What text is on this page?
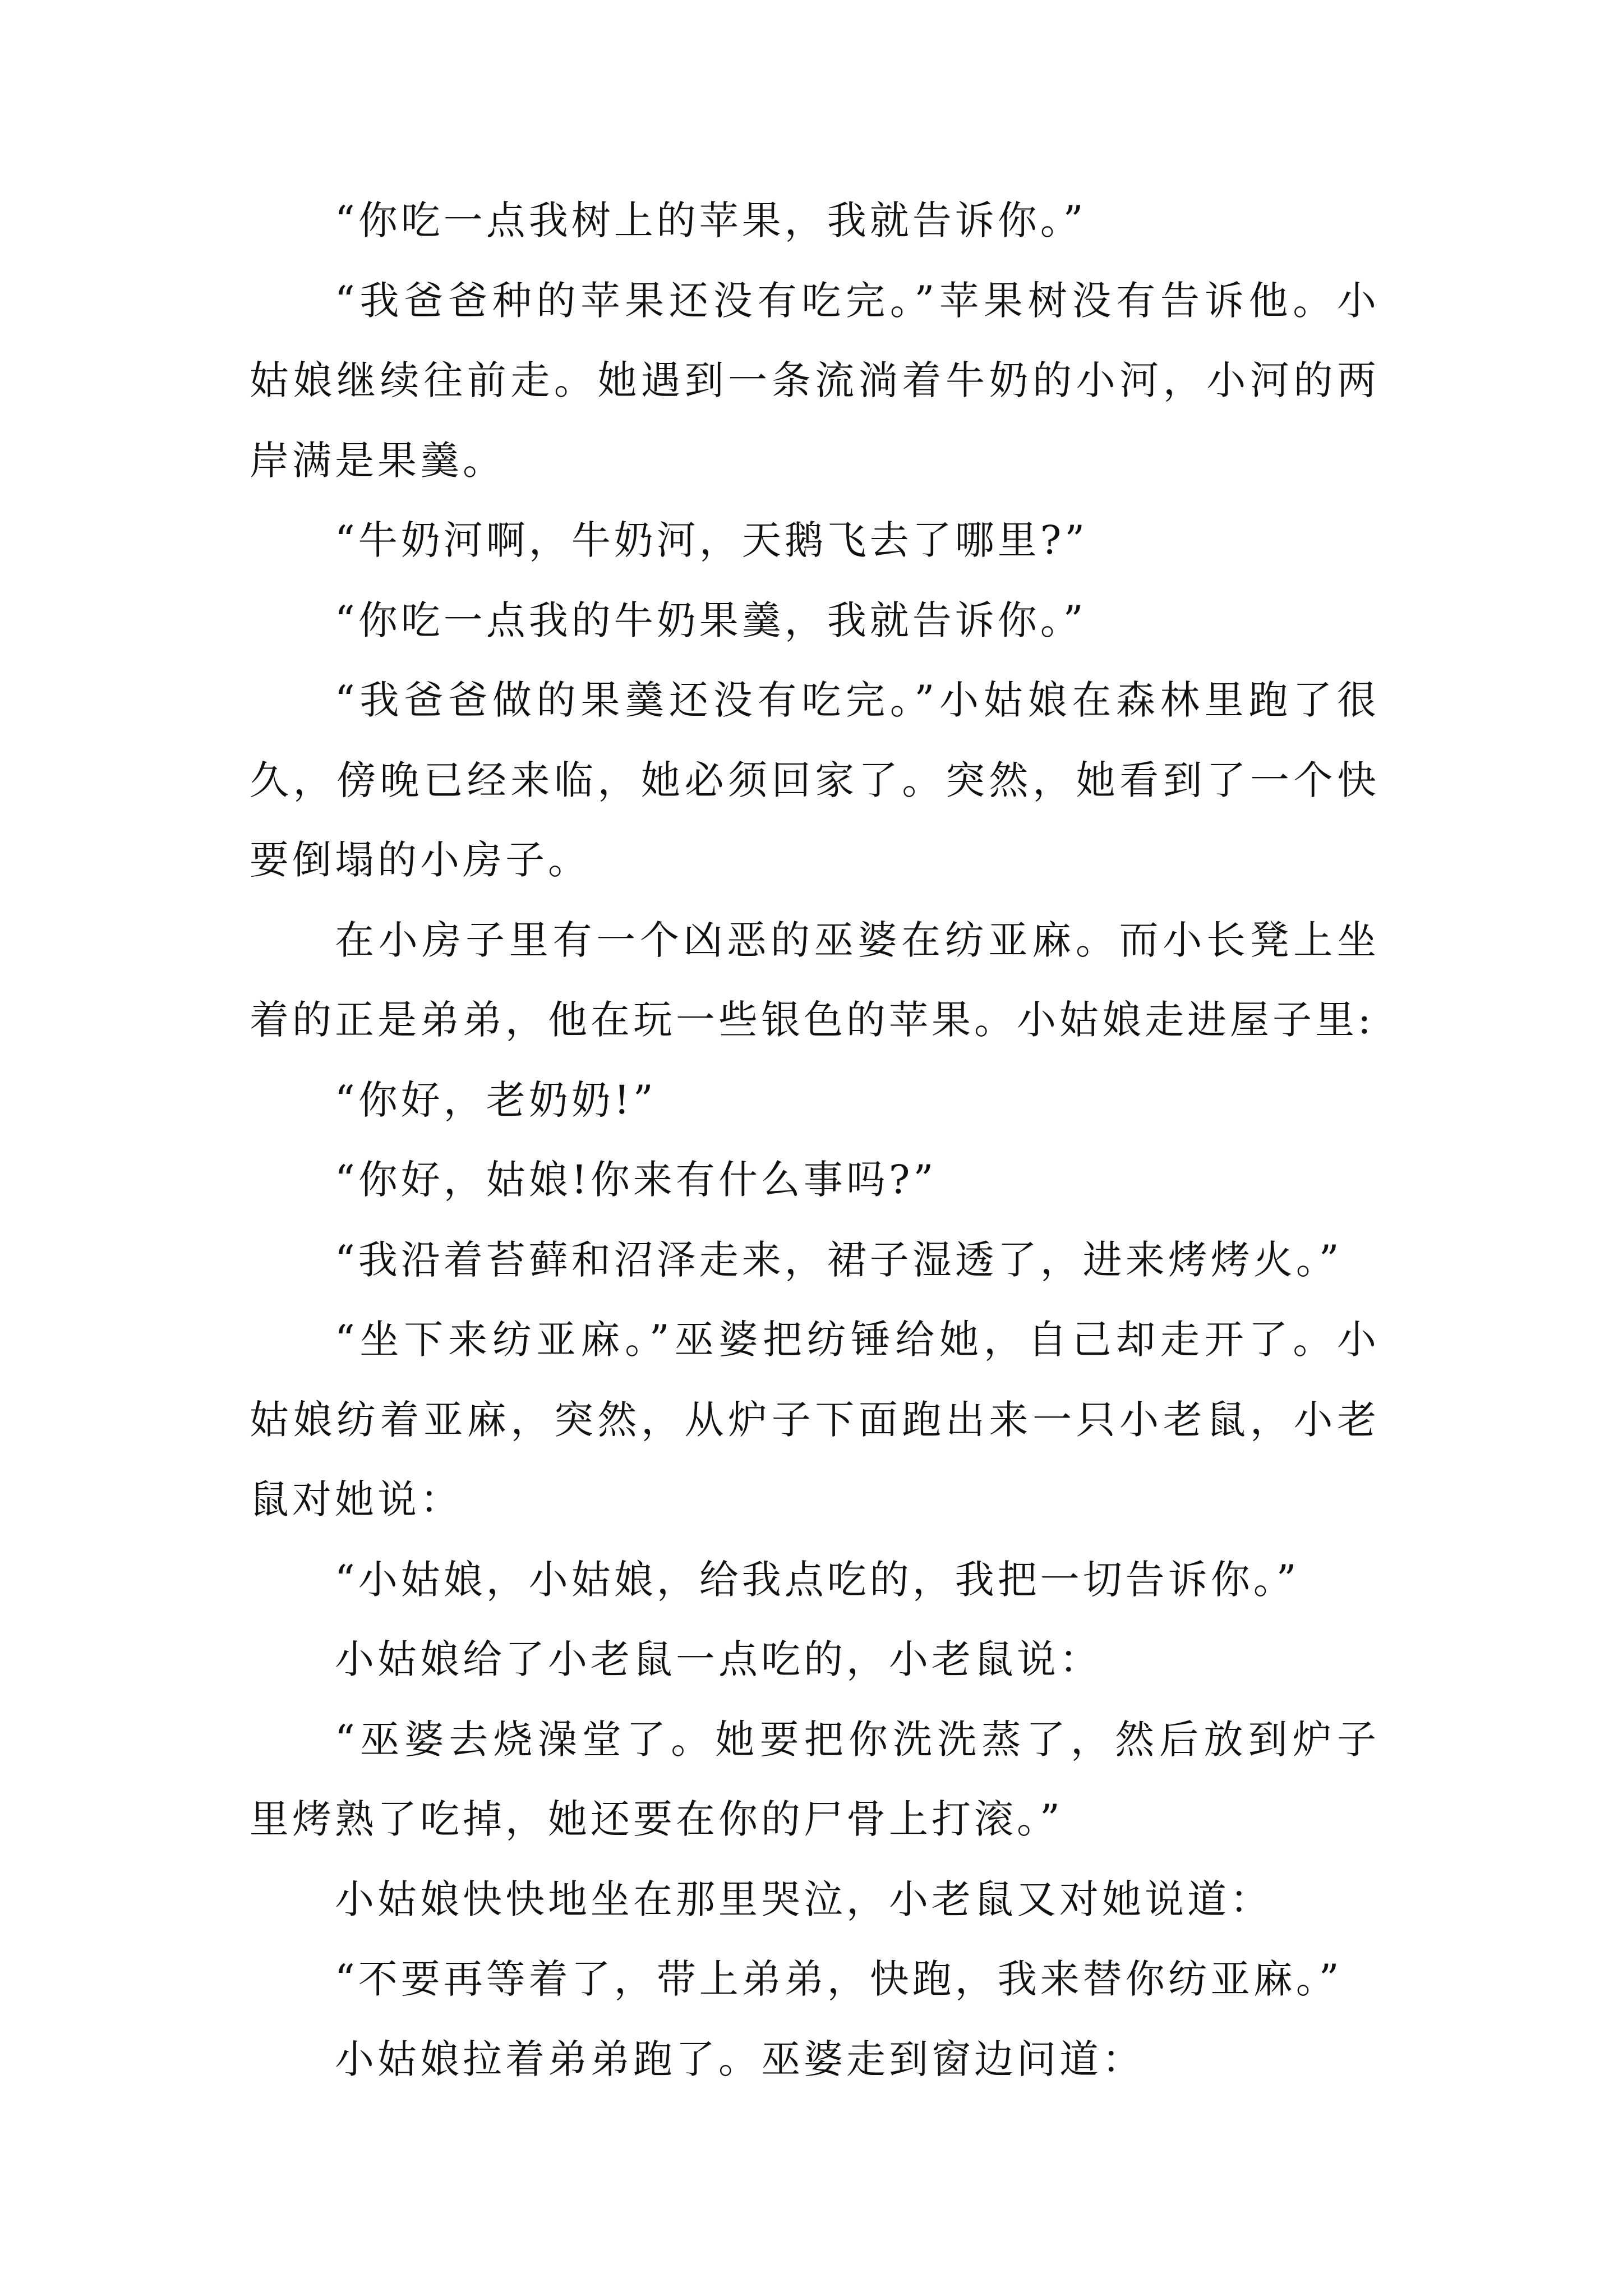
“你吃一点我树上的苹果，我就告诉你。”

“我爸爸种的苹果还没有吃完。”苹果树没有告诉他。小姑娘继续往前走。她遇到一条流淌着牛奶的小河，小河的两岸满是果羹。

“牛奶河啊，牛奶河，天鹅飞去了哪里?”

“你吃一点我的牛奶果羹，我就告诉你。”

“我爸爸做的果羹还没有吃完。”小姑娘在森林里跑了很久，傍晚已经来临，她必须回家了。突然，她看到了一个快要倒塌的小房子。

在小房子里有一个凶恶的巫婆在纺亚麻。而小长凳上坐着的正是弟弟，他在玩一些银色的苹果。小姑娘走进屋子里:

“你好，老奶奶!”

“你好，姑娘!你来有什么事吗?”

“我沿着苔藓和沼泽走来，裙子湿透了，进来烤烤火。”

“坐下来纺亚麻。”巫婆把纺锤给她，自己却走开了。小姑娘纺着亚麻，突然，从炉子下面跑出来一只小老鼠，小老鼠对她说：

“小姑娘，小姑娘，给我点吃的，我把一切告诉你。”

小姑娘给了小老鼠一点吃的，小老鼠说：

“巫婆去烧澡堂了。她要把你洗洗蒸了，然后放到炉子里烤熟了吃掉，她还要在你的尸骨上打滚。”

小姑娘快快地坐在那里哭泣，小老鼠又对她说道：

“不要再等着了，带上弟弟，快跑，我来替你纺亚麻。”

小姑娘拉着弟弟跑了。巫婆走到窗边问道：
